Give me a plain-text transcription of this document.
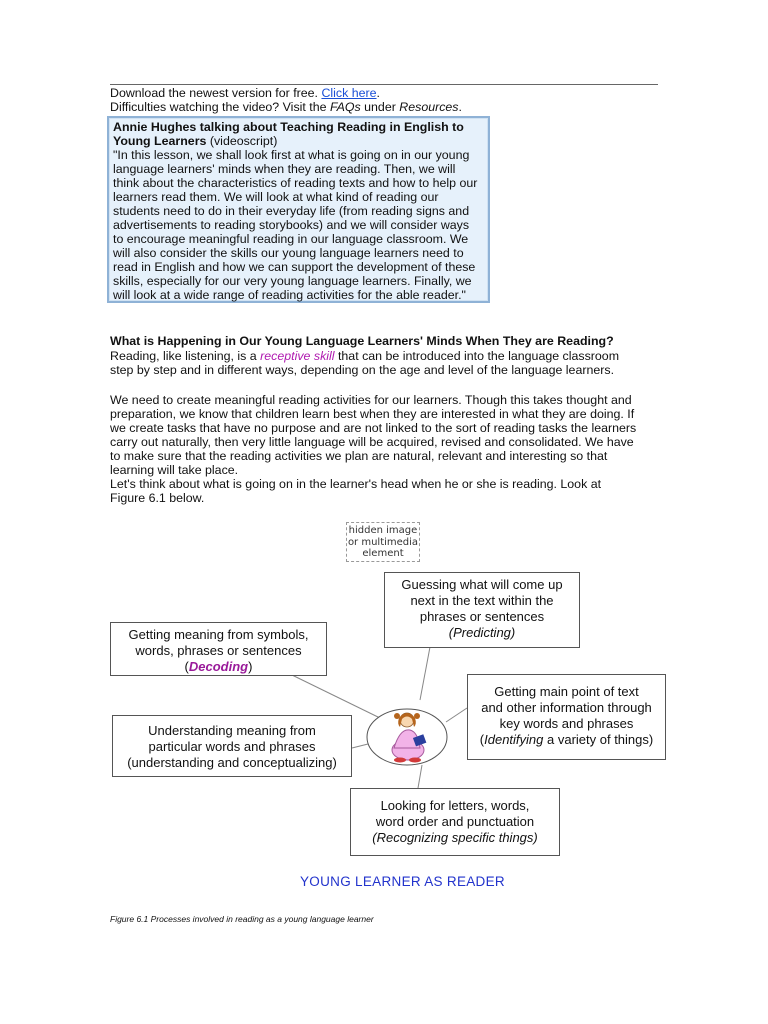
Download the newest version for free. Click here.
Difficulties watching the video? Visit the FAQs under Resources.
Annie Hughes talking about Teaching Reading in English to
Young Learners (videoscript)
"In this lesson, we shall look first at what is going on in our young
language learners' minds when they are reading. Then, we will
think about the characteristics of reading texts and how to help our
learners read them. We will look at what kind of reading our
students need to do in their everyday life (from reading signs and
advertisements to reading storybooks) and we will consider ways
to encourage meaningful reading in our language classroom. We
will also consider the skills our young language learners need to
read in English and how we can support the development of these
skills, especially for our very young language learners. Finally, we
will look at a wide range of reading activities for the able reader."
What is Happening in Our Young Language Learners' Minds When They are Reading?
Reading, like listening, is a receptive skill that can be introduced into the language classroom
step by step and in different ways, depending on the age and level of the language learners.
We need to create meaningful reading activities for our learners. Though this takes thought and
preparation, we know that children learn best when they are interested in what they are doing. If
we create tasks that have no purpose and are not linked to the sort of reading tasks the learners
carry out naturally, then very little language will be acquired, revised and consolidated. We have
to make sure that the reading activities we plan are natural, relevant and interesting so that
learning will take place.
Let's think about what is going on in the learner's head when he or she is reading. Look at
Figure 6.1 below.
hidden image
or multimedia
element
Guessing what will come up
next in the text within the
phrases or sentences
(Predicting)
Getting meaning from symbols,
words, phrases or sentences
(Decoding)
Getting main point of text
and other information through
key words and phrases
(Identifying a variety of things)
Understanding meaning from
particular words and phrases
(understanding and conceptualizing)
Looking for letters, words,
word order and punctuation
(Recognizing specific things)
YOUNG LEARNER AS READER
Figure 6.1 Processes involved in reading as a young language learner
